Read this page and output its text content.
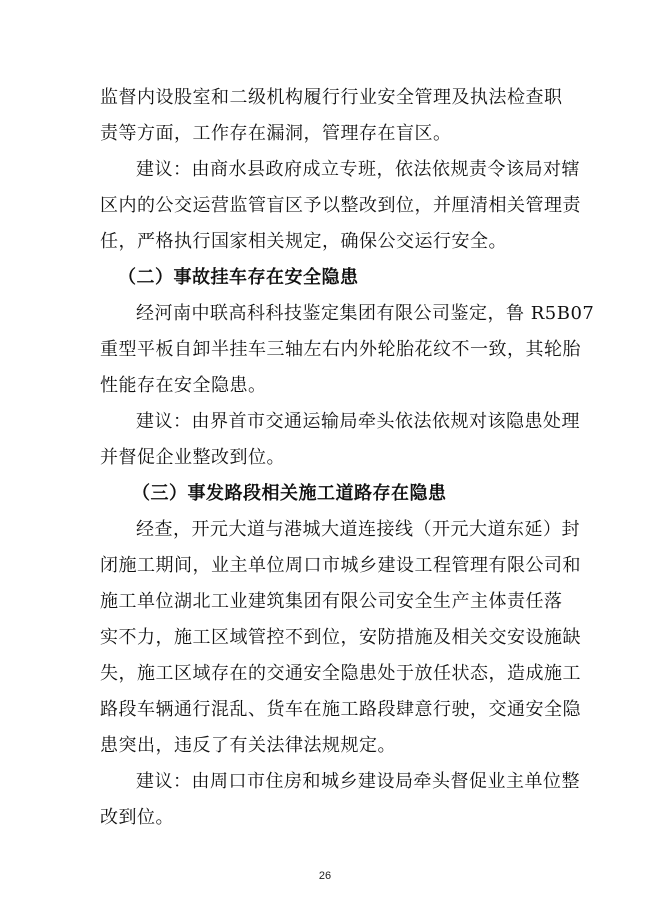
监督内设股室和二级机构履行行业安全管理及执法检查职
责等方面，工作存在漏洞，管理存在盲区。
建议：由商水县政府成立专班，依法依规责令该局对辖
区内的公交运营监管盲区予以整改到位，并厘清相关管理责
任，严格执行国家相关规定，确保公交运行安全。
（二）事故挂车存在安全隐患
经河南中联高科科技鉴定集团有限公司鉴定，鲁 R5B07
重型平板自卸半挂车三轴左右内外轮胎花纹不一致，其轮胎
性能存在安全隐患。
建议：由界首市交通运输局牵头依法依规对该隐患处理
并督促企业整改到位。
（三）事发路段相关施工道路存在隐患
经查，开元大道与港城大道连接线（开元大道东延）封
闭施工期间，业主单位周口市城乡建设工程管理有限公司和
施工单位湖北工业建筑集团有限公司安全生产主体责任落
实不力，施工区域管控不到位，安防措施及相关交安设施缺
失，施工区域存在的交通安全隐患处于放任状态，造成施工
路段车辆通行混乱、货车在施工路段肆意行驶，交通安全隐
患突出，违反了有关法律法规规定。
建议：由周口市住房和城乡建设局牵头督促业主单位整
改到位。
26
